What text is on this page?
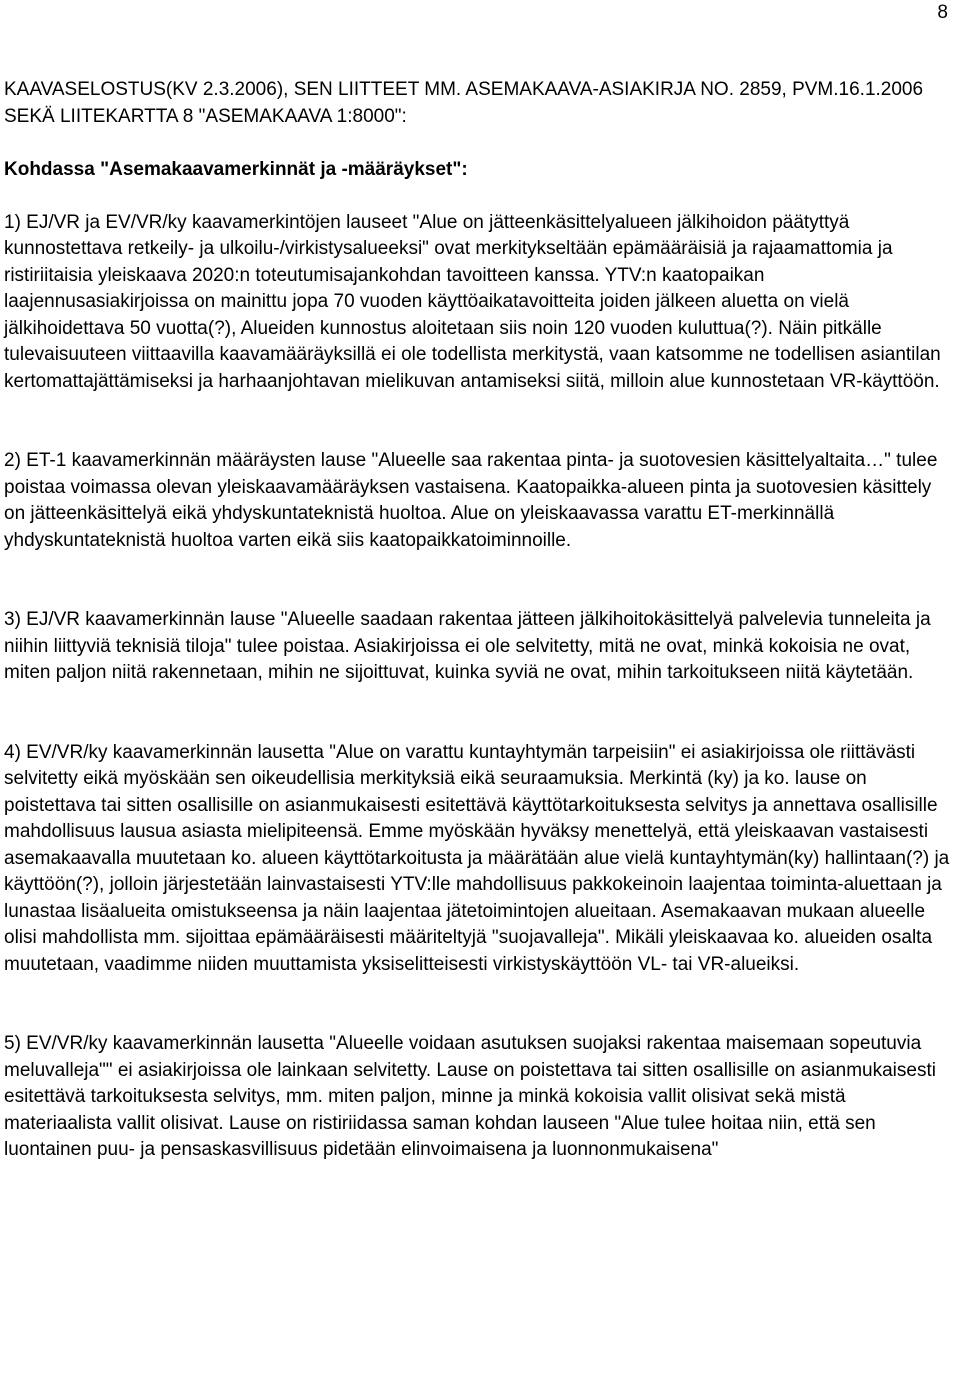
8

KAAVASELOSTUS(KV 2.3.2006), SEN LIITTEET MM. ASEMAKAAVA-ASIAKIRJA NO. 2859, PVM.16.1.2006 SEKÄ LIITEKARTTA 8 "ASEMAKAAVA 1:8000":

Kohdassa "Asemakaavamerkinnät ja -määräykset":

1) EJ/VR ja EV/VR/ky kaavamerkintöjen lauseet "Alue on jätteenkäsittelyalueen jälkihoidon päätyttyä kunnostettava retkeily- ja ulkoilu-/virkistysalueeksi" ovat merkitykseltään epämääräisiä ja rajaamattomia ja ristiriitaisia yleiskaava 2020:n toteutumisajankohdan tavoitteen kanssa. YTV:n kaatopaikan laajennusasiakirjoissa on mainittu jopa 70 vuoden käyttöaikatavoitteita joiden jälkeen aluetta on vielä jälkihoidettava 50 vuotta(?), Alueiden kunnostus aloitetaan siis noin 120 vuoden kuluttua(?). Näin pitkälle tulevaisuuteen viittaavilla kaavamääräyksillä ei ole todellista merkitystä, vaan katsomme ne todellisen asiantilan kertomattajättämiseksi ja harhaanjohtavan mielikuvan antamiseksi siitä, milloin alue kunnostetaan VR-käyttöön.

2) ET-1 kaavamerkinnän määräysten lause "Alueelle saa rakentaa pinta- ja suotovesien käsittelyaltaita…" tulee poistaa voimassa olevan yleiskaavamääräyksen vastaisena. Kaatopaikka-alueen pinta ja suotovesien käsittely on jätteenkäsittelyä eikä yhdyskuntateknistä huoltoa. Alue on yleiskaavassa varattu ET-merkinnällä yhdyskuntateknistä huoltoa varten eikä siis kaatopaikkatoiminnoille.

3) EJ/VR kaavamerkinnän lause "Alueelle saadaan rakentaa jätteen jälkihoitokäsittelyä palvelevia tunneleita ja niihin liittyviä teknisiä tiloja" tulee poistaa. Asiakirjoissa ei ole selvitetty, mitä ne ovat, minkä kokoisia ne ovat, miten paljon niitä rakennetaan, mihin ne sijoittuvat, kuinka syviä ne ovat, mihin tarkoitukseen niitä käytetään.

4) EV/VR/ky kaavamerkinnän lausetta "Alue on varattu kuntayhtymän tarpeisiin" ei asiakirjoissa ole riittävästi selvitetty eikä myöskään sen oikeudellisia merkityksiä eikä seuraamuksia. Merkintä (ky) ja ko. lause on poistettava tai sitten osallisille on asianmukaisesti esitettävä käyttötarkoituksesta selvitys ja annettava osallisille mahdollisuus lausua asiasta mielipiteensä. Emme myöskään hyväksy menettelyä, että yleiskaavan vastaisesti asemakaavalla muutetaan ko. alueen käyttötarkoitusta ja määrätään alue vielä kuntayhtymän(ky) hallintaan(?) ja käyttöön(?), jolloin järjestetään lainvastaisesti YTV:lle mahdollisuus pakkokeinoin laajentaa toiminta-aluettaan ja lunastaa lisäalueita omistukseensa ja näin laajentaa jätetoimintojen alueitaan. Asemakaavan mukaan alueelle olisi mahdollista mm. sijoittaa epämääräisesti määriteltyjä "suojavalleja". Mikäli yleiskaavaa ko. alueiden osalta muutetaan, vaadimme niiden muuttamista yksiselitteisesti virkistyskäyttöön VL- tai VR-alueiksi.

5) EV/VR/ky kaavamerkinnän lausetta "Alueelle voidaan asutuksen suojaksi rakentaa maisemaan sopeutuvia meluvalleja"" ei asiakirjoissa ole lainkaan selvitetty. Lause on poistettava tai sitten osallisille on asianmukaisesti esitettävä tarkoituksesta selvitys, mm. miten paljon, minne ja minkä kokoisia vallit olisivat sekä mistä materiaalista vallit olisivat. Lause on ristiriidassa saman kohdan lauseen "Alue tulee hoitaa niin, että sen luontainen puu- ja pensaskasvillisuus pidetään elinvoimaisena ja luonnonmukaisena"
